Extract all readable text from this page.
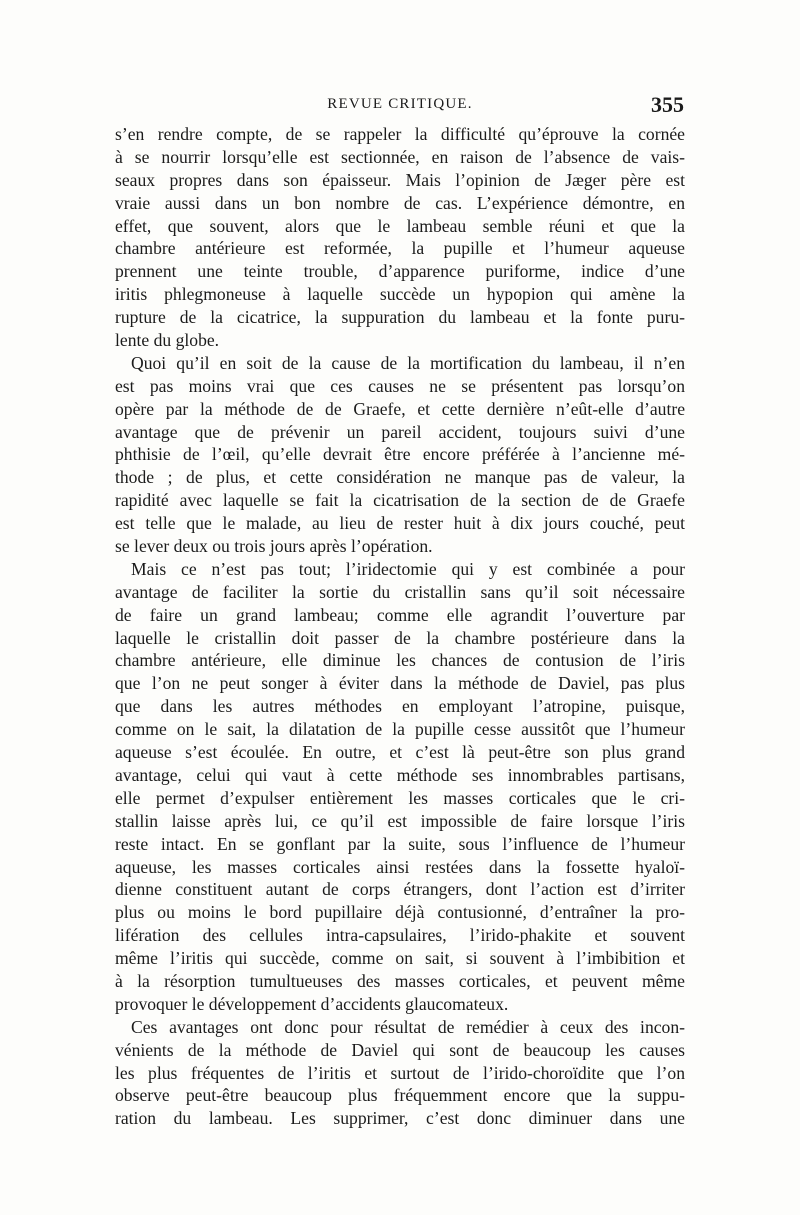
REVUE CRITIQUE.	355
s’en rendre compte, de se rappeler la difficulté qu’éprouve la cornée
à se nourrir lorsqu’elle est sectionnée, en raison de l’absence de vais-
seaux propres dans son épaisseur. Mais l’opinion de Jæger père est
vraie aussi dans un bon nombre de cas. L’expérience démontre, en
effet, que souvent, alors que le lambeau semble réuni et que la
chambre antérieure est reformée, la pupille et l’humeur aqueuse
prennent une teinte trouble, d’apparence puriforme, indice d’une
iritis phlegmoneuse à laquelle succède un hypopion qui amène la
rupture de la cicatrice, la suppuration du lambeau et la fonte puru-
lente du globe.
Quoi qu’il en soit de la cause de la mortification du lambeau, il n’en
est pas moins vrai que ces causes ne se présentent pas lorsqu’on
opère par la méthode de de Graefe, et cette dernière n’eût-elle d’autre
avantage que de prévenir un pareil accident, toujours suivi d’une
phthisie de l’œil, qu’elle devrait être encore préférée à l’ancienne mé-
thode ; de plus, et cette considération ne manque pas de valeur, la
rapidité avec laquelle se fait la cicatrisation de la section de de Graefe
est telle que le malade, au lieu de rester huit à dix jours couché, peut
se lever deux ou trois jours après l’opération.
Mais ce n’est pas tout; l’iridectomie qui y est combinée a pour
avantage de faciliter la sortie du cristallin sans qu’il soit nécessaire
de faire un grand lambeau; comme elle agrandit l’ouverture par
laquelle le cristallin doit passer de la chambre postérieure dans la
chambre antérieure, elle diminue les chances de contusion de l’iris
que l’on ne peut songer à éviter dans la méthode de Daviel, pas plus
que dans les autres méthodes en employant l’atropine, puisque,
comme on le sait, la dilatation de la pupille cesse aussitôt que l’humeur
aqueuse s’est écoulée. En outre, et c’est là peut-être son plus grand
avantage, celui qui vaut à cette méthode ses innombrables partisans,
elle permet d’expulser entièrement les masses corticales que le cri-
stallin laisse après lui, ce qu’il est impossible de faire lorsque l’iris
reste intact. En se gonflant par la suite, sous l’influence de l’humeur
aqueuse, les masses corticales ainsi restées dans la fossette hyaloï-
dienne constituent autant de corps étrangers, dont l’action est d’irriter
plus ou moins le bord pupillaire déjà contusionné, d’entraîner la pro-
lifération des cellules intra-capsulaires, l’irido-phakite et souvent
même l’iritis qui succède, comme on sait, si souvent à l’imbibition et
à la résorption tumultueuses des masses corticales, et peuvent même
provoquer le développement d’accidents glaucomateux.
Ces avantages ont donc pour résultat de remédier à ceux des incon-
vénients de la méthode de Daviel qui sont de beaucoup les causes
les plus fréquentes de l’iritis et surtout de l’irido-choroïdite que l’on
observe peut-être beaucoup plus fréquemment encore que la suppu-
ration du lambeau. Les supprimer, c’est donc diminuer dans une
